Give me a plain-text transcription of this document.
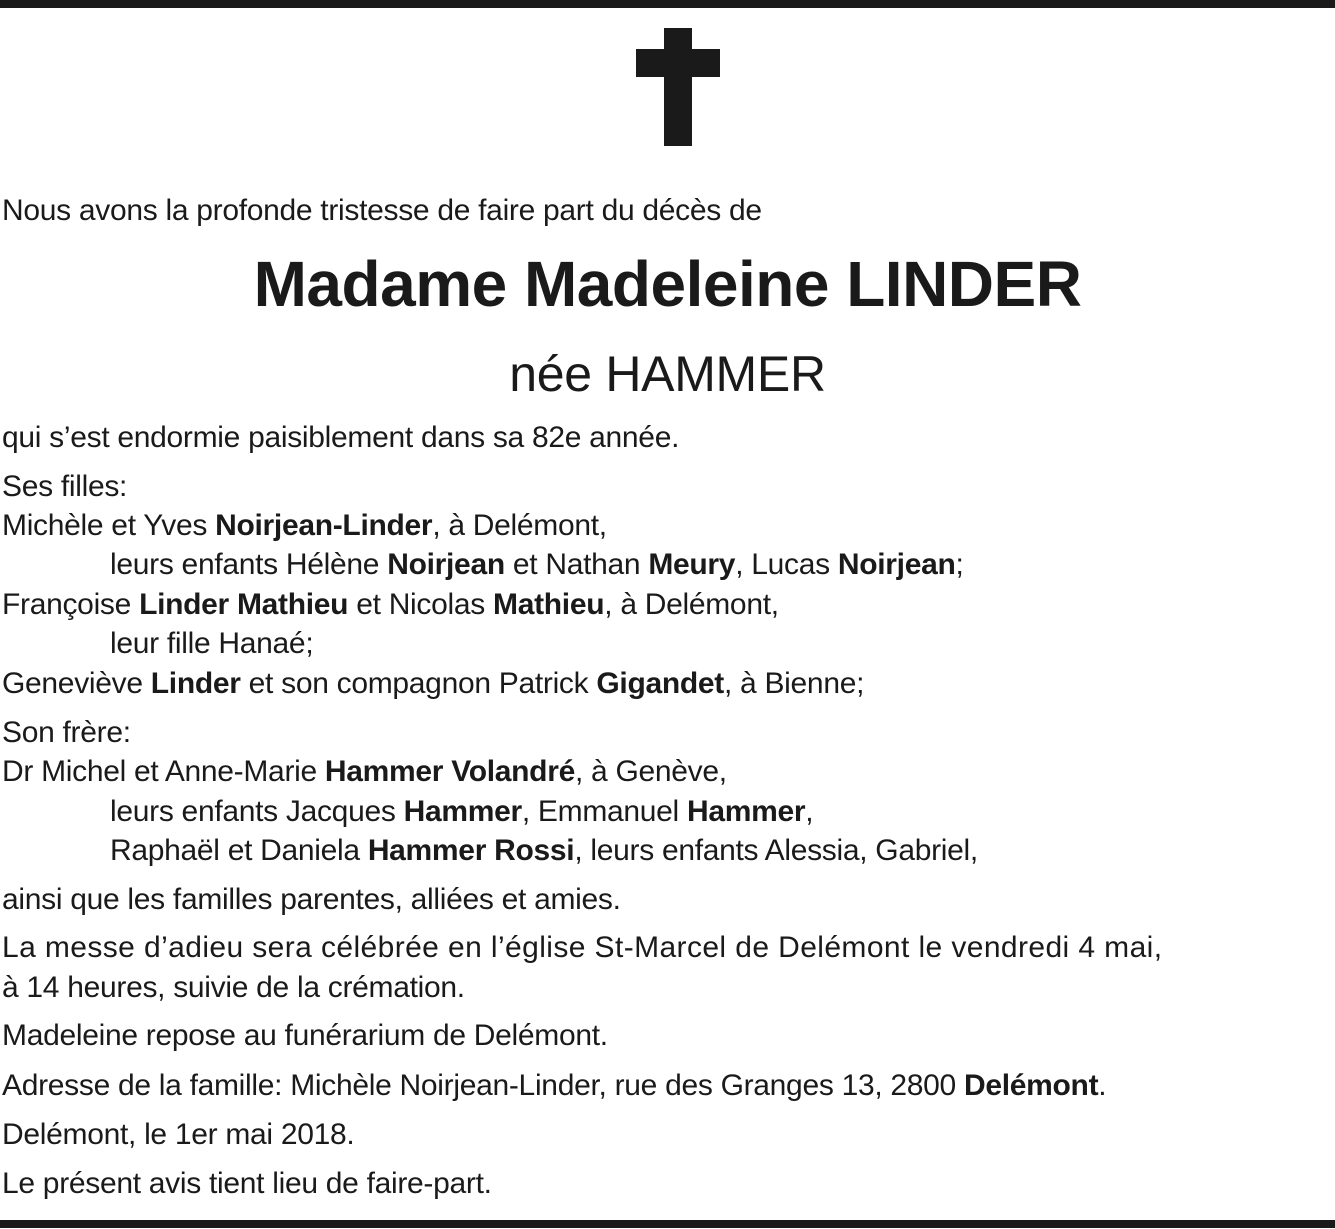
Nous avons la profonde tristesse de faire part du décès de
Madame Madeleine LINDER
née HAMMER
qui s’est endormie paisiblement dans sa 82e année.
Ses filles:
Michèle et Yves Noirjean-Linder, à Delémont,
leurs enfants Hélène Noirjean et Nathan Meury, Lucas Noirjean;
Françoise Linder Mathieu et Nicolas Mathieu, à Delémont,
leur fille Hanaé;
Geneviève Linder et son compagnon Patrick Gigandet, à Bienne;
Son frère:
Dr Michel et Anne-Marie Hammer Volandré, à Genève,
leurs enfants Jacques Hammer, Emmanuel Hammer,
Raphaël et Daniela Hammer Rossi, leurs enfants Alessia, Gabriel,
ainsi que les familles parentes, alliées et amies.
La messe d’adieu sera célébrée en l’église St-Marcel de Delémont le vendredi 4 mai,
à 14 heures, suivie de la crémation.
Madeleine repose au funérarium de Delémont.
Adresse de la famille: Michèle Noirjean-Linder, rue des Granges 13, 2800 Delémont.
Delémont, le 1er mai 2018.
Le présent avis tient lieu de faire-part.
